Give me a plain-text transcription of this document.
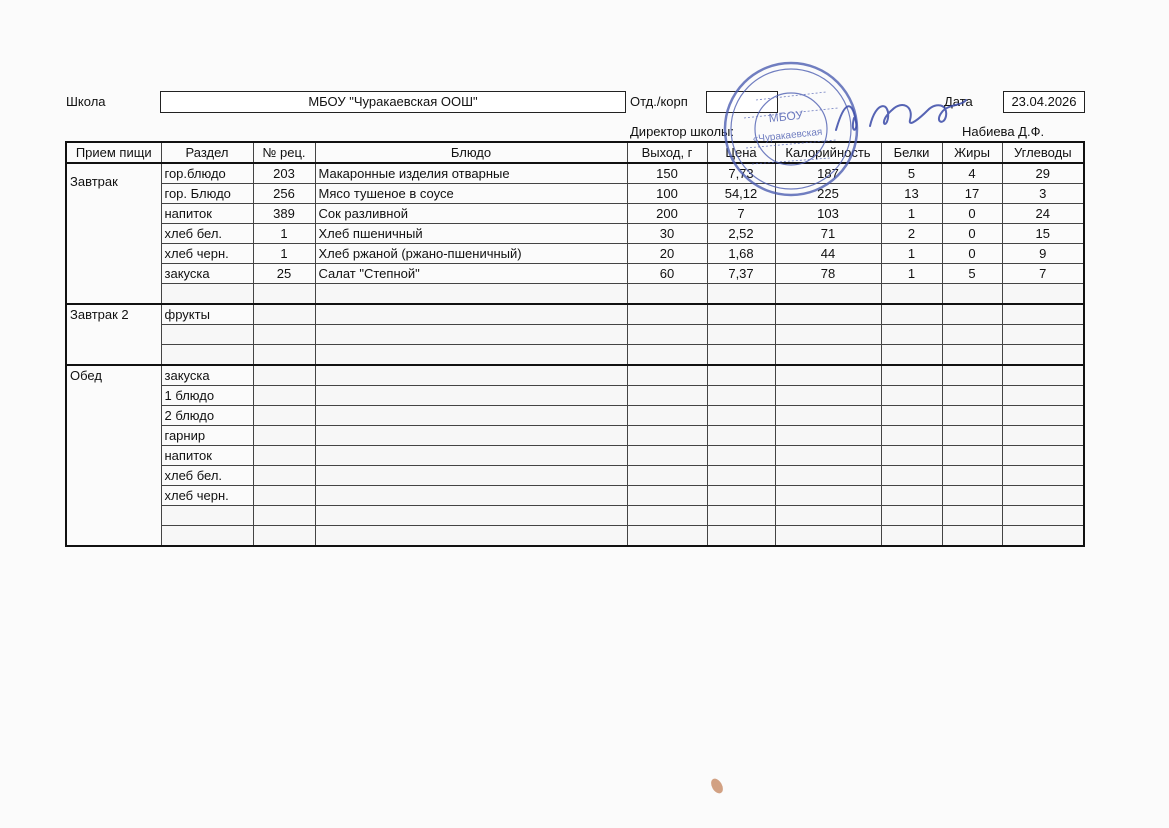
Школа	МБОУ "Чуракаевская ООШ"	Отд./корп	Дата	23.04.2026
Директор школы:	Набиева Д.Ф.
Прием пищи	Раздел	№ рец.	Блюдо	Выход, г	Цена	Калорийность	Белки	Жиры	Углеводы
Завтрак	гор.блюдо	203	Макаронные изделия отварные	150	7,73	187	5	4	29
	гор. Блюдо	256	Мясо тушеное в соусе	100	54,12	225	13	17	3
	напиток	389	Сок разливной	200	7	103	1	0	24
	хлеб бел.	1	Хлеб пшеничный	30	2,52	71	2	0	15
	хлеб черн.	1	Хлеб ржаной (ржано-пшеничный)	20	1,68	44	1	0	9
	закуска	25	Салат "Степной"	60	7,37	78	1	5	7

Завтрак 2	фрукты								

Обед	закуска								
	1 блюдо								
	2 блюдо								
	гарнир								
	напиток								
	хлеб бел.								
	хлеб черн.								

МБОУ
«Чуракаевская
